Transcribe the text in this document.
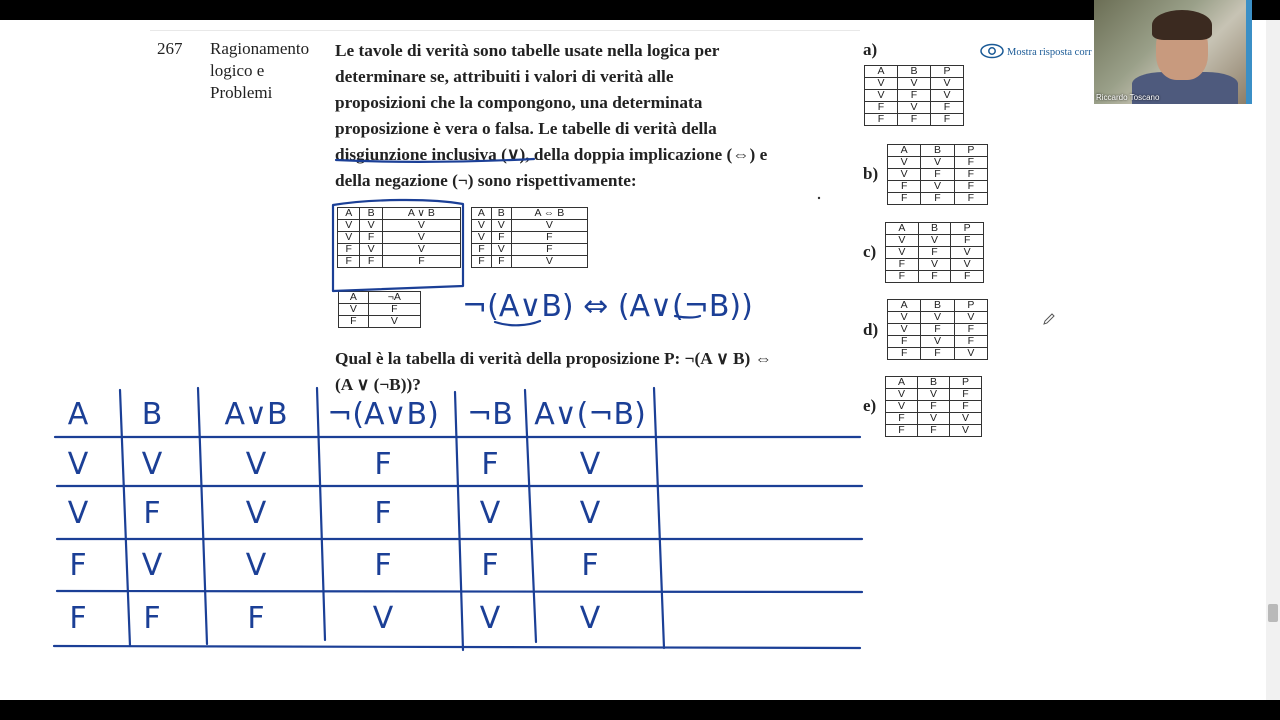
267 Ragionamento logico e Problemi
Le tavole di verità sono tabelle usate nella logica per
determinare se, attribuiti i valori di verità alle
proposizioni che la compongono, una determinata
proposizione è vera o falsa. Le tabelle di verità della
disgiunzione inclusiva (∨), della doppia implicazione (⇔) e
della negazione (¬) sono rispettivamente:
A	B	A ∨ B
V	V	V
V	F	V
F	V	V
F	F	F
A	B	A ⇔ B
V	V	V
V	F	F
F	V	F
F	F	V
A	¬A
V	F
F	V
Qual è la tabella di verità della proposizione P: ¬(A ∨ B) ⇔
(A ∨ (¬B))?
a)
A	B	P
V	V	V
V	F	V
F	V	F
F	F	F
b)
A	B	P
V	V	F
V	F	F
F	V	F
F	F	F
c)
A	B	P
V	V	F
V	F	V
F	V	V
F	F	F
d)
A	B	P
V	V	V
V	F	F
F	V	F
F	F	V
e)
A	B	P
V	V	F
V	F	F
F	V	V
F	F	V
Mostra risposta corr
Riccardo Toscano
¬(A∨B) ⇔ (A∨(¬B))
A B A∨B ¬(A∨B) ¬B A∨(¬B)
V V	V	F	F	V
V F	V	F	V	V
F V	V	F	F	F
F F	F	V	V	V
